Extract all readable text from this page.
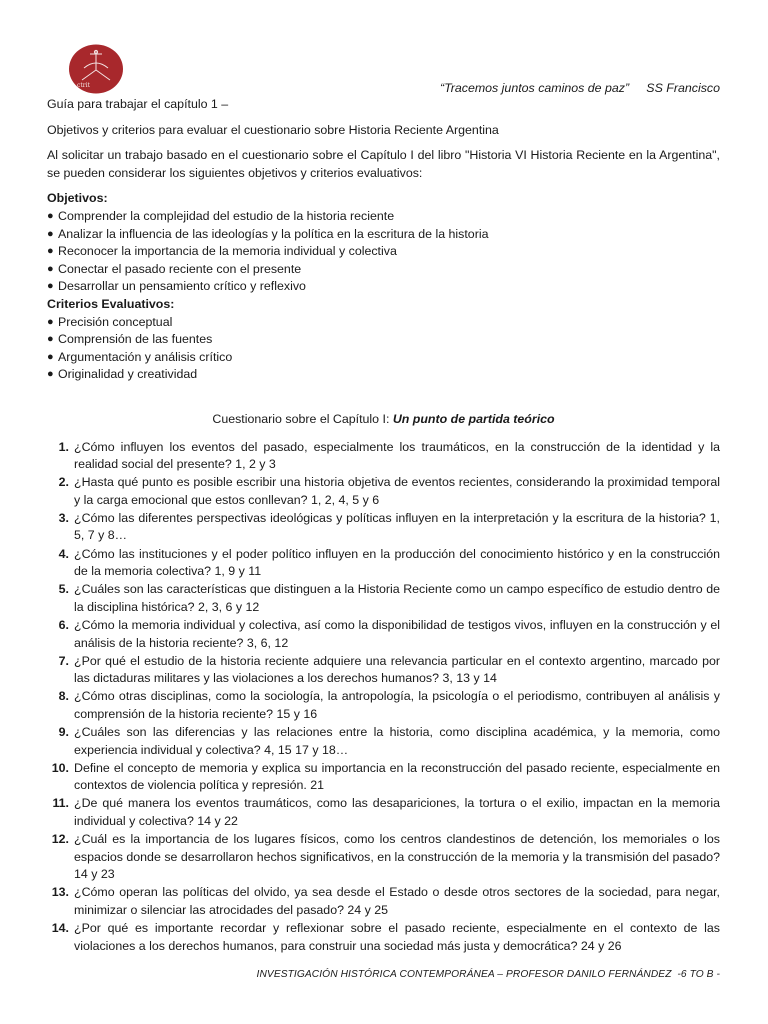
ctrit	“Tracemos juntos caminos de paz”     SS Francisco

Guía para trabajar el capítulo 1 –

Objetivos y criterios para evaluar el cuestionario sobre Historia Reciente Argentina

Al solicitar un trabajo basado en el cuestionario sobre el Capítulo I del libro "Historia VI Historia Reciente en la Argentina", se pueden considerar los siguientes objetivos y criterios evaluativos:

Objetivos:
● Comprender la complejidad del estudio de la historia reciente
● Analizar la influencia de las ideologías y la política en la escritura de la historia
● Reconocer la importancia de la memoria individual y colectiva
● Conectar el pasado reciente con el presente
● Desarrollar un pensamiento crítico y reflexivo
Criterios Evaluativos:
● Precisión conceptual
● Comprensión de las fuentes
● Argumentación y análisis crítico
● Originalidad y creatividad

Cuestionario sobre el Capítulo I: Un punto de partida teórico

1. ¿Cómo influyen los eventos del pasado, especialmente los traumáticos, en la construcción de la identidad y la realidad social del presente? 1, 2 y 3
2. ¿Hasta qué punto es posible escribir una historia objetiva de eventos recientes, considerando la proximidad temporal y la carga emocional que estos conllevan? 1, 2, 4, 5 y 6
3. ¿Cómo las diferentes perspectivas ideológicas y políticas influyen en la interpretación y la escritura de la historia? 1, 5, 7 y 8…
4. ¿Cómo las instituciones y el poder político influyen en la producción del conocimiento histórico y en la construcción de la memoria colectiva? 1, 9 y 11
5. ¿Cuáles son las características que distinguen a la Historia Reciente como un campo específico de estudio dentro de la disciplina histórica? 2, 3, 6 y 12
6. ¿Cómo la memoria individual y colectiva, así como la disponibilidad de testigos vivos, influyen en la construcción y el análisis de la historia reciente? 3, 6, 12
7. ¿Por qué el estudio de la historia reciente adquiere una relevancia particular en el contexto argentino, marcado por las dictaduras militares y las violaciones a los derechos humanos? 3, 13 y 14
8. ¿Cómo otras disciplinas, como la sociología, la antropología, la psicología o el periodismo, contribuyen al análisis y comprensión de la historia reciente? 15 y 16
9. ¿Cuáles son las diferencias y las relaciones entre la historia, como disciplina académica, y la memoria, como experiencia individual y colectiva? 4, 15 17 y 18…
10. Define el concepto de memoria y explica su importancia en la reconstrucción del pasado reciente, especialmente en contextos de violencia política y represión. 21
11. ¿De qué manera los eventos traumáticos, como las desapariciones, la tortura o el exilio, impactan en la memoria individual y colectiva? 14 y 22
12. ¿Cuál es la importancia de los lugares físicos, como los centros clandestinos de detención, los memoriales o los espacios donde se desarrollaron hechos significativos, en la construcción de la memoria y la transmisión del pasado? 14 y 23
13. ¿Cómo operan las políticas del olvido, ya sea desde el Estado o desde otros sectores de la sociedad, para negar, minimizar o silenciar las atrocidades del pasado? 24 y 25
14. ¿Por qué es importante recordar y reflexionar sobre el pasado reciente, especialmente en el contexto de las violaciones a los derechos humanos, para construir una sociedad más justa y democrática? 24 y 26
INVESTIGACIÓN HISTÓRICA CONTEMPORÁNEA – PROFESOR DANILO FERNÁNDEZ  -6 TO B -
